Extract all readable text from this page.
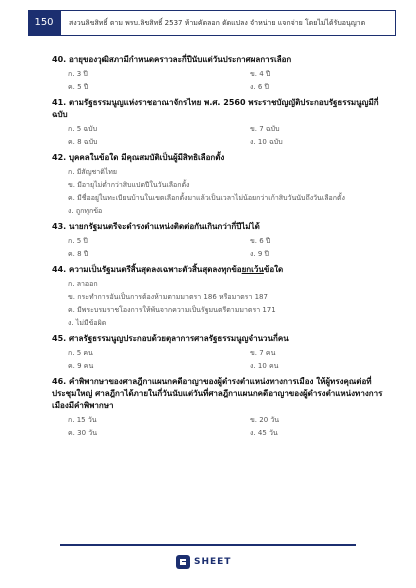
150	สงวนลิขสิทธิ์ ตาม พรบ.ลิขสิทธิ์ 2537 ห้ามคัดลอก ดัดแปลง จำหน่าย แจกจ่าย โดยไม่ได้รับอนุญาต
40. อายุของวุฒิสภามีกำหนดคราวละกี่ปีนับแต่วันประกาศผลการเลือก
ก. 3 ปี	ข. 4 ปี
ค. 5 ปี	ง. 6 ปี
41. ตามรัฐธรรมนูญแห่งราชอาณาจักรไทย พ.ศ. 2560 พระราชบัญญัติประกอบรัฐธรรมนูญมีกี่ฉบับ
ก. 5 ฉบับ	ข. 7 ฉบับ
ค. 8 ฉบับ	ง. 10 ฉบับ
42. บุคคลในข้อใด มีคุณสมบัติเป็นผู้มีสิทธิเลือกตั้ง
ก. มีสัญชาติไทย
ข. มีอายุไม่ต่ำกว่าสิบแปดปีในวันเลือกตั้ง
ค. มีชื่ออยู่ในทะเบียนบ้านในเขตเลือกตั้งมาแล้วเป็นเวลาไม่น้อยกว่าเก้าสิบวันนับถึงวันเลือกตั้ง
ง. ถูกทุกข้อ
43. นายกรัฐมนตรีจะดำรงตำแหน่งติดต่อกันเกินกว่ากี่ปีไม่ได้
ก. 5 ปี	ข. 6 ปี
ค. 8 ปี	ง. 9 ปี
44. ความเป็นรัฐมนตรีสิ้นสุดลงเฉพาะตัวสิ้นสุดลงทุกข้อยกเว้นข้อใด
ก. ลาออก
ข. กระทำการอันเป็นการต้องห้ามตามมาตรา 186 หรือมาตรา 187
ค. มีพระบรมราชโองการให้พ้นจากความเป็นรัฐมนตรีตามมาตรา 171
ง. ไม่มีข้อผิด
45. ศาลรัฐธรรมนูญประกอบด้วยตุลาการศาลรัฐธรรมนูญจำนวนกี่คน
ก. 5 คน	ข. 7 คน
ค. 9 คน	ง. 10 คน
46. คำพิพากษาของศาลฎีกาแผนกคดีอาญาของผู้ดำรงตำแหน่งทางการเมือง ให้ผู้ทรงคุณต่อที่ประชุมใหญ่ ศาลฎีกาได้ภายในกี่วันนับแต่วันที่ศาลฎีกาแผนกคดีอาญาของผู้ดำรงตำแหน่งทางการเมืองมีคำพิพากษา
ก. 15 วัน	ข. 20 วัน
ค. 30 วัน	ง. 45 วัน
SHEET
